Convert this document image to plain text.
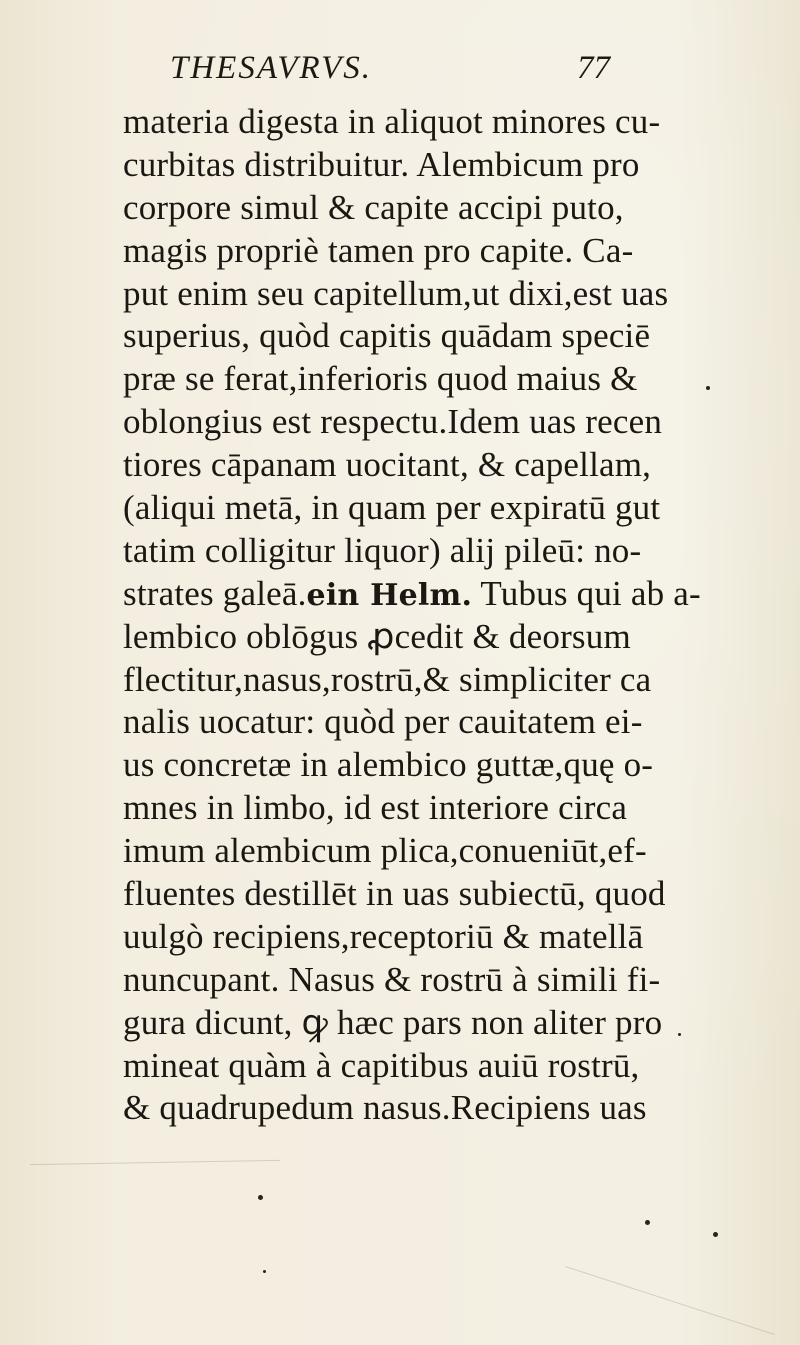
THESAVRVS.	77
materia digesta in aliquot minores cu-
curbitas distribuitur. Alembicum pro
corpore simul & capite accipi puto,
magis propriè tamen pro capite. Ca-
put enim seu capitellum,ut dixi,est uas
superius, quòd capitis quādam speciē
præ se ferat,inferioris quod maius &
oblongius est respectu.Idem uas recen
tiores cāpanam uocitant, & capellam,
(aliqui metā, in quam per expiratū gut
tatim colligitur liquor) alij pileū: no-
strates galeā.ein Helm. Tubus qui ab a-
lembico oblōgus ꝓcedit & deorsum
flectitur,nasus,rostrū,& simpliciter ca
nalis uocatur: quòd per cauitatem ei-
us concretæ in alembico guttæ,quę o-
mnes in limbo, id est interiore circa
imum alembicum plica,conueniūt,ef-
fluentes destillēt in uas subiectū, quod
uulgò recipiens,receptoriū & matellā
nuncupant. Nasus & rostrū à simili fi-
gura dicunt, ꝙ hæc pars non aliter pro
mineat quàm à capitibus auiū rostrū,
& quadrupedum nasus.Recipiens uas
